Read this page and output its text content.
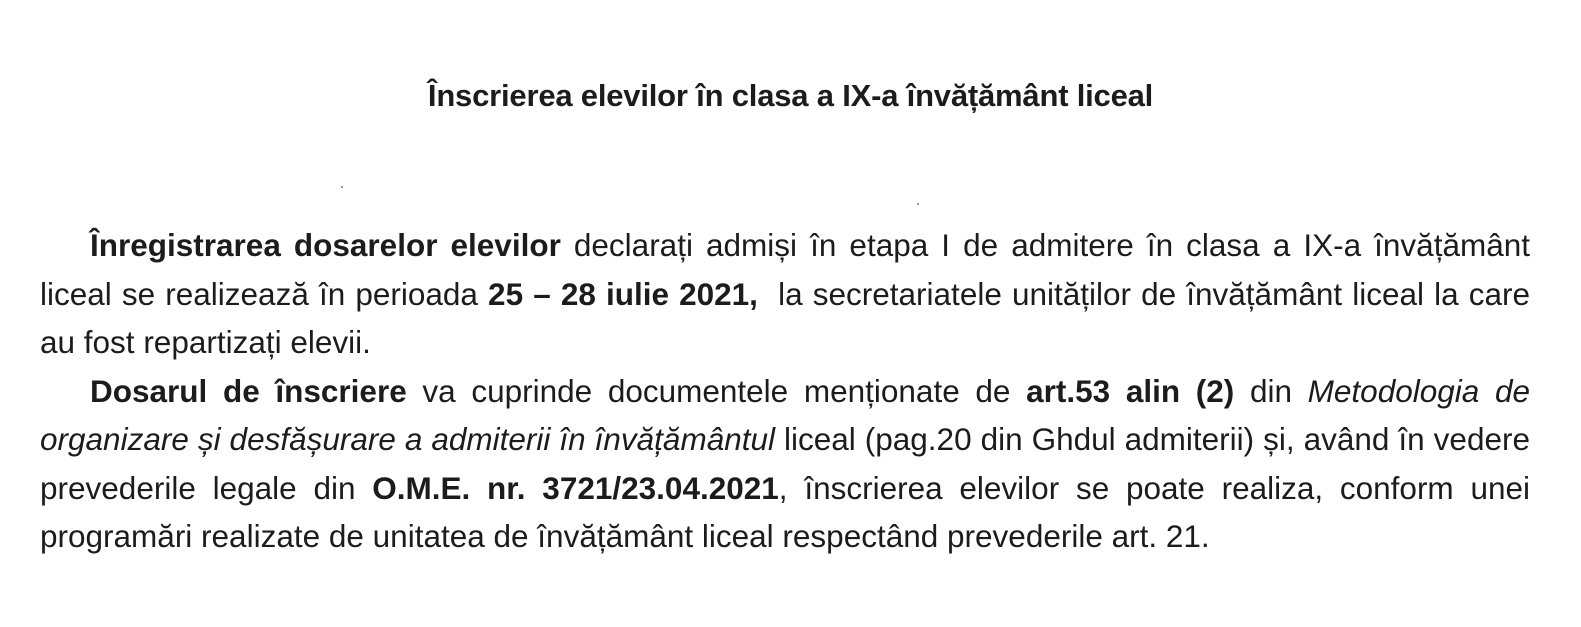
Înscrierea elevilor în clasa a IX-a învățământ liceal

Înregistrarea dosarelor elevilor declarați admiși în etapa I de admitere în clasa a IX-a învățământ liceal se realizează în perioada 25 – 28 iulie 2021,  la secretariatele unităților de învățământ liceal la care au fost repartizați elevii.

Dosarul de înscriere va cuprinde documentele menționate de art.53 alin (2) din Metodologia de organizare și desfășurare a admiterii în învățământul liceal (pag.20 din Ghdul admiterii) și, având în vedere prevederile legale din O.M.E. nr. 3721/23.04.2021, înscrierea elevilor se poate realiza, conform unei programări realizate de unitatea de învățământ liceal respectând prevederile art. 21.
